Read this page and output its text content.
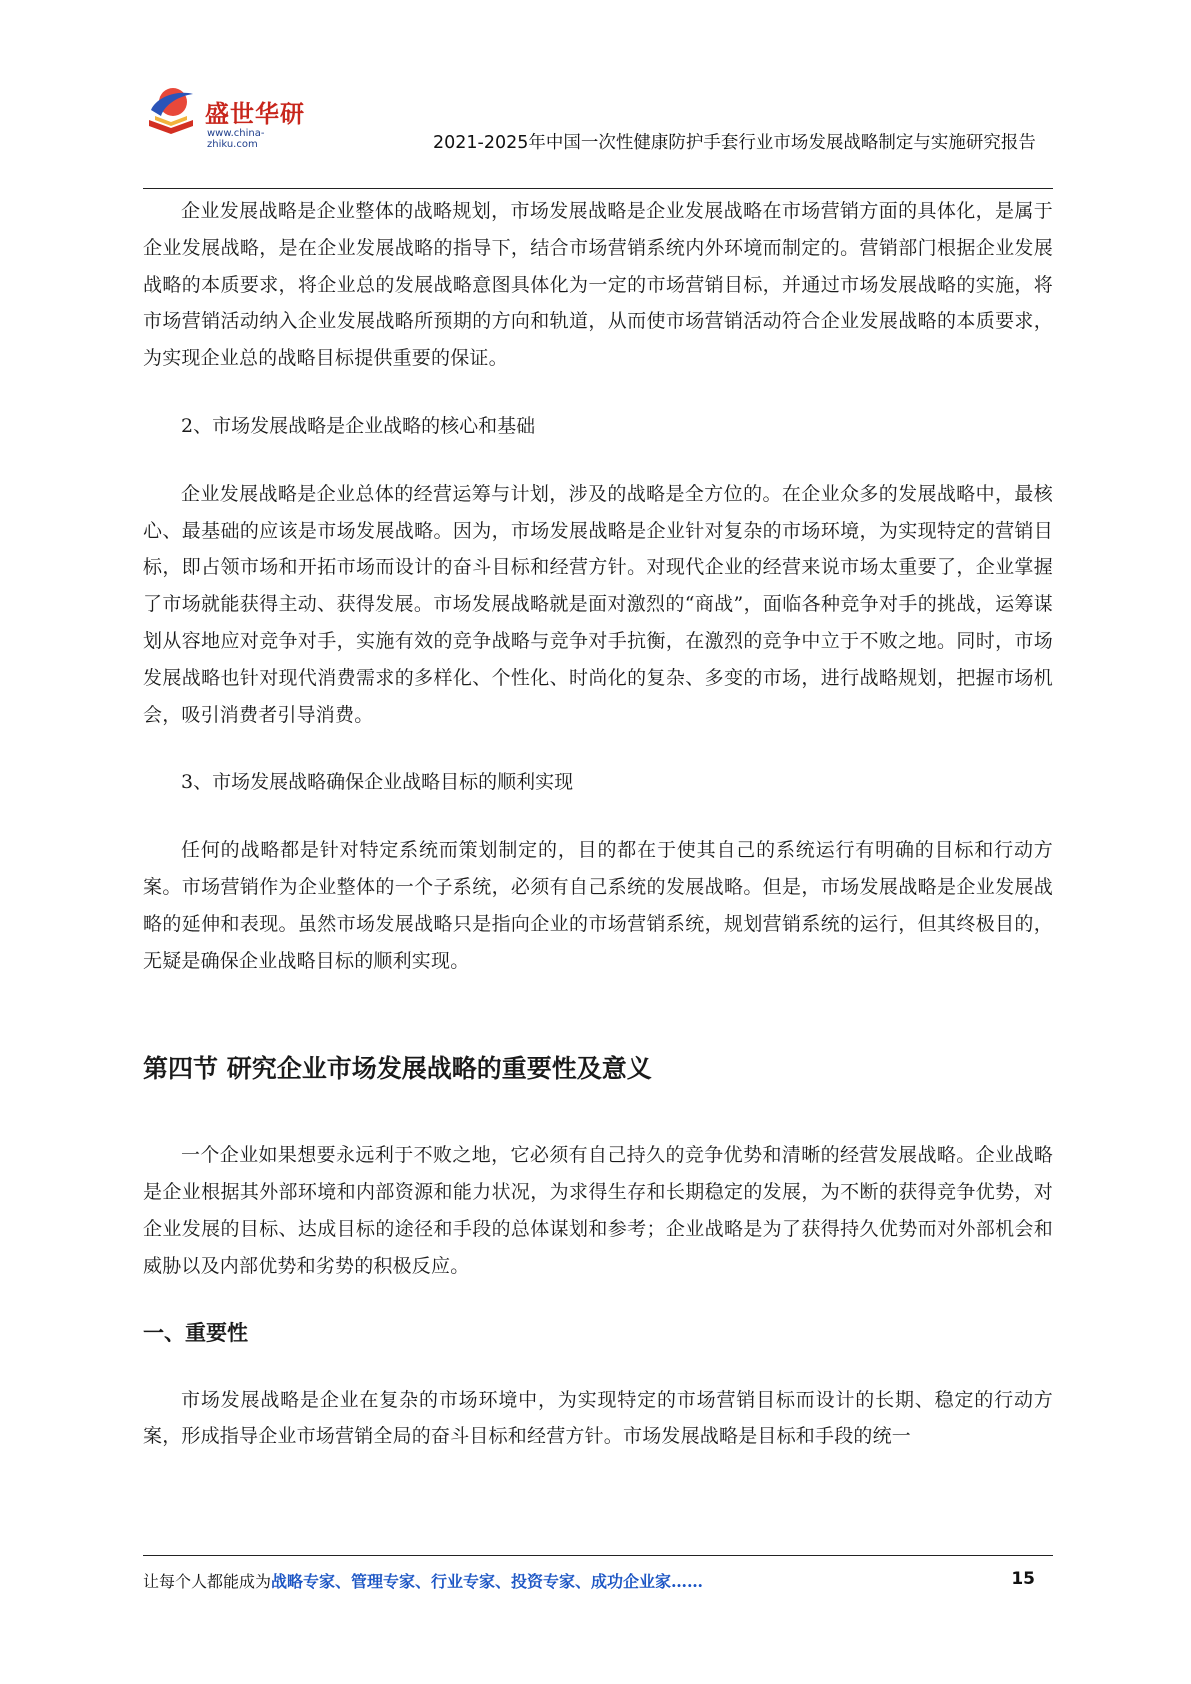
盛世华研
www.china-zhiku.com	2021-2025年中国一次性健康防护手套行业市场发展战略制定与实施研究报告

企业发展战略是企业整体的战略规划，市场发展战略是企业发展战略在市场营销方面的具体化，是属于企业发展战略，是在企业发展战略的指导下，结合市场营销系统内外环境而制定的。营销部门根据企业发展战略的本质要求，将企业总的发展战略意图具体化为一定的市场营销目标，并通过市场发展战略的实施，将市场营销活动纳入企业发展战略所预期的方向和轨道，从而使市场营销活动符合企业发展战略的本质要求，为实现企业总的战略目标提供重要的保证。

2、市场发展战略是企业战略的核心和基础

企业发展战略是企业总体的经营运筹与计划，涉及的战略是全方位的。在企业众多的发展战略中，最核心、最基础的应该是市场发展战略。因为，市场发展战略是企业针对复杂的市场环境，为实现特定的营销目标，即占领市场和开拓市场而设计的奋斗目标和经营方针。对现代企业的经营来说市场太重要了，企业掌握了市场就能获得主动、获得发展。市场发展战略就是面对激烈的“商战”，面临各种竞争对手的挑战，运筹谋划从容地应对竞争对手，实施有效的竞争战略与竞争对手抗衡，在激烈的竞争中立于不败之地。同时，市场发展战略也针对现代消费需求的多样化、个性化、时尚化的复杂、多变的市场，进行战略规划，把握市场机会，吸引消费者引导消费。

3、市场发展战略确保企业战略目标的顺利实现

任何的战略都是针对特定系统而策划制定的，目的都在于使其自己的系统运行有明确的目标和行动方案。市场营销作为企业整体的一个子系统，必须有自己系统的发展战略。但是，市场发展战略是企业发展战略的延伸和表现。虽然市场发展战略只是指向企业的市场营销系统，规划营销系统的运行，但其终极目的，无疑是确保企业战略目标的顺利实现。

第四节 研究企业市场发展战略的重要性及意义

一个企业如果想要永远利于不败之地，它必须有自己持久的竞争优势和清晰的经营发展战略。企业战略是企业根据其外部环境和内部资源和能力状况，为求得生存和长期稳定的发展，为不断的获得竞争优势，对企业发展的目标、达成目标的途径和手段的总体谋划和参考；企业战略是为了获得持久优势而对外部机会和威胁以及内部优势和劣势的积极反应。

一、重要性

市场发展战略是企业在复杂的市场环境中，为实现特定的市场营销目标而设计的长期、稳定的行动方案，形成指导企业市场营销全局的奋斗目标和经营方针。市场发展战略是目标和手段的统一

让每个人都能成为战略专家、管理专家、行业专家、投资专家、成功企业家……	15
